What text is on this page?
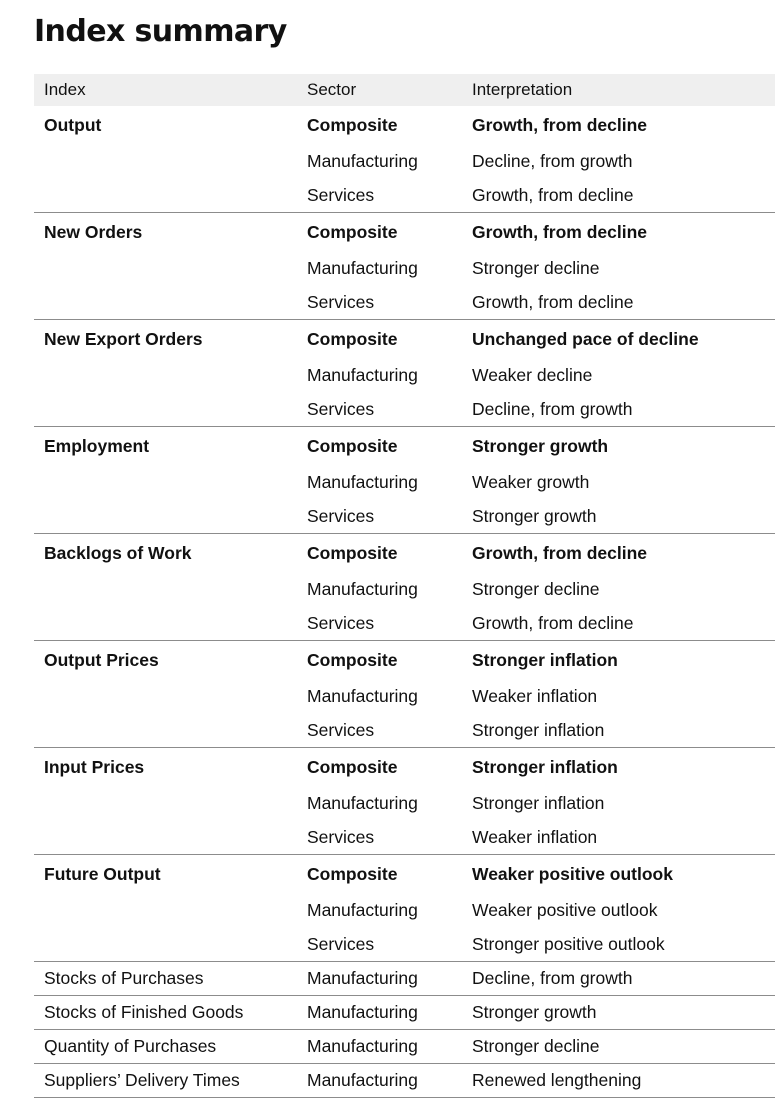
Index summary
Index	Sector	Interpretation
Output	Composite	Growth, from decline
	Manufacturing	Decline, from growth
	Services	Growth, from decline
New Orders	Composite	Growth, from decline
	Manufacturing	Stronger decline
	Services	Growth, from decline
New Export Orders	Composite	Unchanged pace of decline
	Manufacturing	Weaker decline
	Services	Decline, from growth
Employment	Composite	Stronger growth
	Manufacturing	Weaker growth
	Services	Stronger growth
Backlogs of Work	Composite	Growth, from decline
	Manufacturing	Stronger decline
	Services	Growth, from decline
Output Prices	Composite	Stronger inflation
	Manufacturing	Weaker inflation
	Services	Stronger inflation
Input Prices	Composite	Stronger inflation
	Manufacturing	Stronger inflation
	Services	Weaker inflation
Future Output	Composite	Weaker positive outlook
	Manufacturing	Weaker positive outlook
	Services	Stronger positive outlook
Stocks of Purchases	Manufacturing	Decline, from growth
Stocks of Finished Goods	Manufacturing	Stronger growth
Quantity of Purchases	Manufacturing	Stronger decline
Suppliers’ Delivery Times	Manufacturing	Renewed lengthening
